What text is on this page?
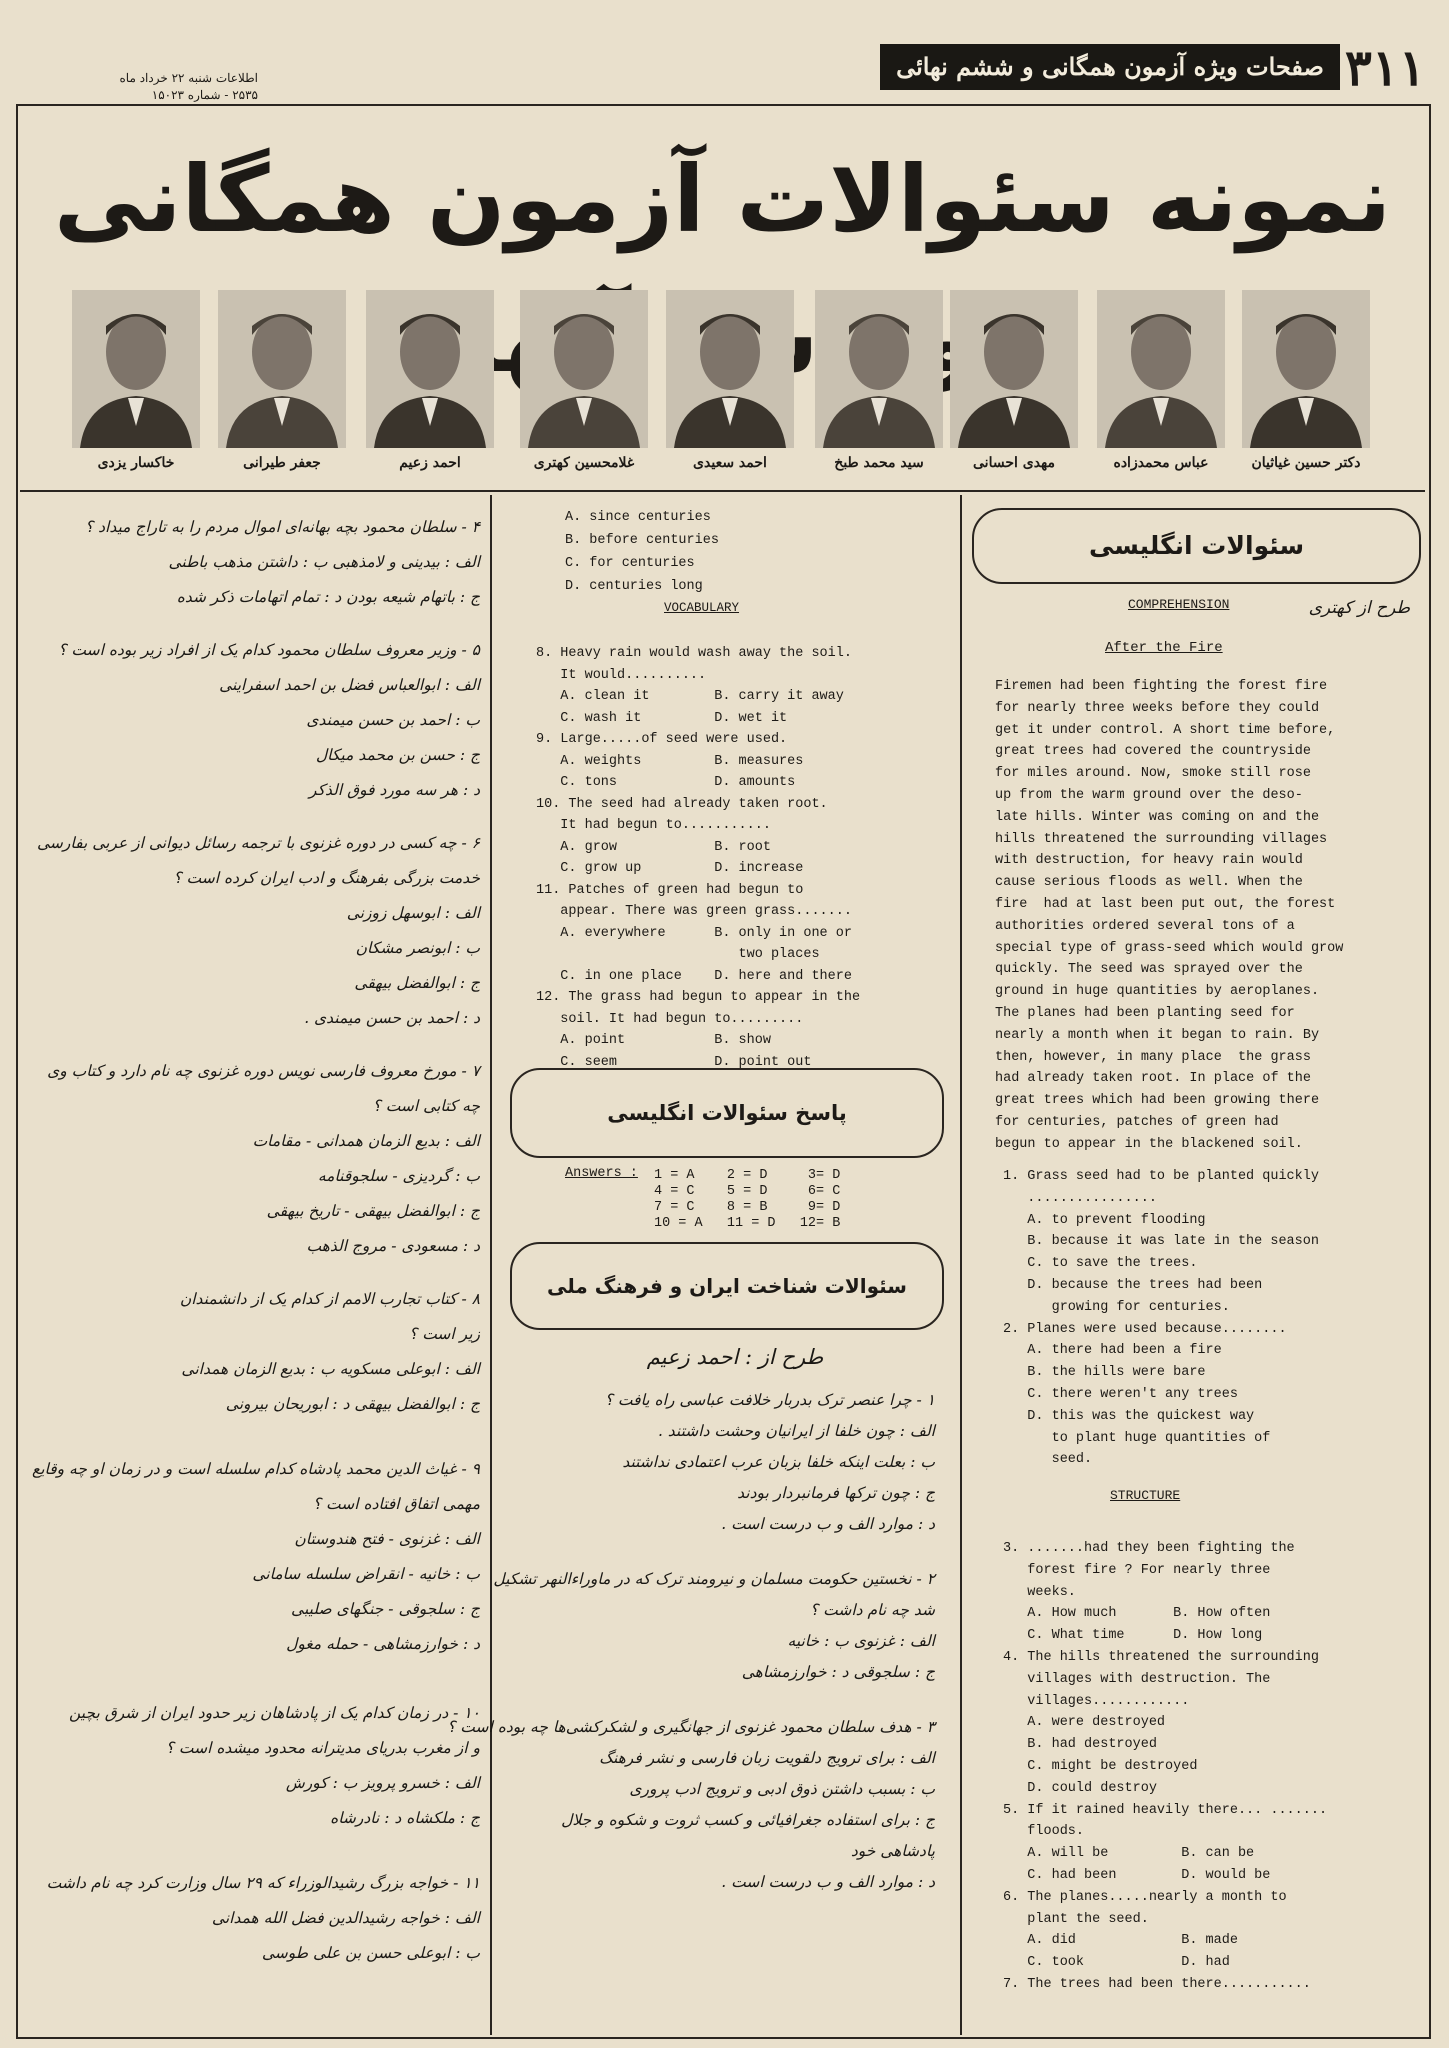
۳۱۱
صفحات ویژه آزمون همگانی و ششم نهائی
اطلاعات شنبه ۲۲ خرداد ماه
۲۵۳۵ - شماره ۱۵۰۲۳
نمونه سئوالات آزمون همگانی و
دکتر حسین غیاثیان
عباس محمدزاده
مهدی احسانی
سید محمد طبخ
احمد سعیدی
غلامحسین کهتری
احمد زعیم
جعفر طیرانی
خاکسار یزدی
سئوالات انگلیسی
طرح از کهتری
COMPREHENSION
After the Fire
Firemen had been fighting the forest fire
for nearly three weeks before they could
get it under control. A short time before,
great trees had covered the countryside
for miles around. Now, smoke still rose
up from the warm ground over the deso-
late hills. Winter was coming on and the
hills threatened the surrounding villages
with destruction, for heavy rain would
cause serious floods as well. When the
fire  had at last been put out, the forest
authorities ordered several tons of a
special type of grass-seed which would grow
quickly. The seed was sprayed over the
ground in huge quantities by aeroplanes.
The planes had been planting seed for
nearly a month when it began to rain. By
then, however, in many place  the grass
had already taken root. In place of the
great trees which had been growing there
for centuries, patches of green had
begun to appear in the blackened soil.
1. Grass seed had to be planted quickly
................
A. to prevent flooding
B. because it was late in the season
C. to save the trees.
D. because the trees had been
growing for centuries.
2. Planes were used because........
A. there had been a fire
B. the hills were bare
C. there weren't any trees
D. this was the quickest way
to plant huge quantities of
seed.
STRUCTURE
3. .......had they been fighting the
forest fire ? For nearly three
weeks.
A. How much       B. How often
C. What time      D. How long
4. The hills threatened the surrounding
villages with destruction. The
villages............
A. were destroyed
B. had destroyed
C. might be destroyed
D. could destroy
5. If it rained heavily there... .......
floods.
A. will be         B. can be
C. had been        D. would be
6. The planes.....nearly a month to
plant the seed.
A. did             B. made
C. took            D. had
7. The trees had been there...........
A. since centuries
B. before centuries
C. for centuries
D. centuries long
VOCABULARY
8. Heavy rain would wash away the soil.
It would..........
A. clean it        B. carry it away
C. wash it         D. wet it
9. Large.....of seed were used.
A. weights         B. measures
C. tons            D. amounts
10. The seed had already taken root.
It had begun to...........
A. grow            B. root
C. grow up         D. increase
11. Patches of green had begun to
appear. There was green grass.......
A. everywhere      B. only in one or
two places
C. in one place    D. here and there
12. The grass had begun to appear in the
soil. It had begun to.........
A. point           B. show
C. seem            D. point out
پاسخ سئوالات انگلیسی
Answers : 1 = A    2 = D     3= D
4 = C    5 = D     6= C
7 = C    8 = B     9= D
10 = A   11 = D   12= B
سئوالات شناخت ایران و فرهنگ ملی
طرح از : احمد زعیم
۱ - چرا عنصر ترک بدربار خلافت عباسی راه یافت ؟
الف : چون خلفا از ایرانیان وحشت داشتند .
ب : بعلت اینکه خلفا بزبان عرب اعتمادی نداشتند
ج : چون ترکها فرمانبردار بودند
د : موارد الف و ب درست است .
۲ - نخستین حکومت مسلمان و نیرومند ترک که در ماوراءالنهر تشکیل
شد چه نام داشت ؟
الف : غزنوی ب : خانیه
ج : سلجوقی د : خوارزمشاهی
۳ - هدف سلطان محمود غزنوی از جهانگیری و لشکرکشی‌ها چه بوده است ؟
الف : برای ترویج دلقویت زبان فارسی و نشر فرهنگ
ب : بسبب داشتن ذوق ادبی و ترویج ادب پروری
ج : برای استفاده جغرافیائی و کسب ثروت و شکوه و جلال
پادشاهی خود
د : موارد الف و ب درست است .
۴ - سلطان محمود بچه بهانه‌ای اموال مردم را به تاراج میداد ؟
الف : بیدینی و لامذهبی ب : داشتن مذهب باطنی
ج : باتهام شیعه بودن د : تمام اتهامات ذکر شده
۵ - وزیر معروف سلطان محمود کدام یک از افراد زیر بوده است ؟
الف : ابوالعباس فضل بن احمد اسفراینی
ب : احمد بن حسن میمندی
ج : حسن بن محمد میکال
د : هر سه مورد فوق الذکر
۶ - چه کسی در دوره غزنوی با ترجمه رسائل دیوانی از عربی بفارسی
خدمت بزرگی بفرهنگ و ادب ایران کرده است ؟
الف : ابوسهل زوزنی
ب : ابونصر مشکان
ج : ابوالفضل بیهقی
د : احمد بن حسن میمندی .
۷ - مورخ معروف فارسی نویس دوره غزنوی چه نام دارد و کتاب وی
چه کتابی است ؟
الف : بدیع الزمان همدانی - مقامات
ب : گردیزی - سلجوقنامه
ج : ابوالفضل بیهقی - تاریخ بیهقی
د : مسعودی - مروج الذهب
۸ - کتاب تجارب الامم از کدام یک از دانشمندان
زیر است ؟
الف : ابوعلی مسکویه ب : بدیع الزمان همدانی
ج : ابوالفضل بیهقی د : ابوریحان بیرونی
۹ - غیاث الدین محمد پادشاه کدام سلسله است و در زمان او چه وقایع
مهمی اتفاق افتاده است ؟
الف : غزنوی - فتح هندوستان
ب : خانیه - انقراض سلسله سامانی
ج : سلجوقی - جنگهای صلیبی
د : خوارزمشاهی - حمله مغول
۱۰ - در زمان کدام یک از پادشاهان زیر حدود ایران از شرق بچین
و از مغرب بدریای مدیترانه محدود میشده است ؟
الف : خسرو پرویز ب : کورش
ج : ملکشاه د : نادرشاه
۱۱ - خواجه بزرگ رشیدالوزراء که ۲۹ سال وزارت کرد چه نام داشت
الف : خواجه رشیدالدین فضل الله همدانی
ب : ابوعلی حسن بن علی طوسی
